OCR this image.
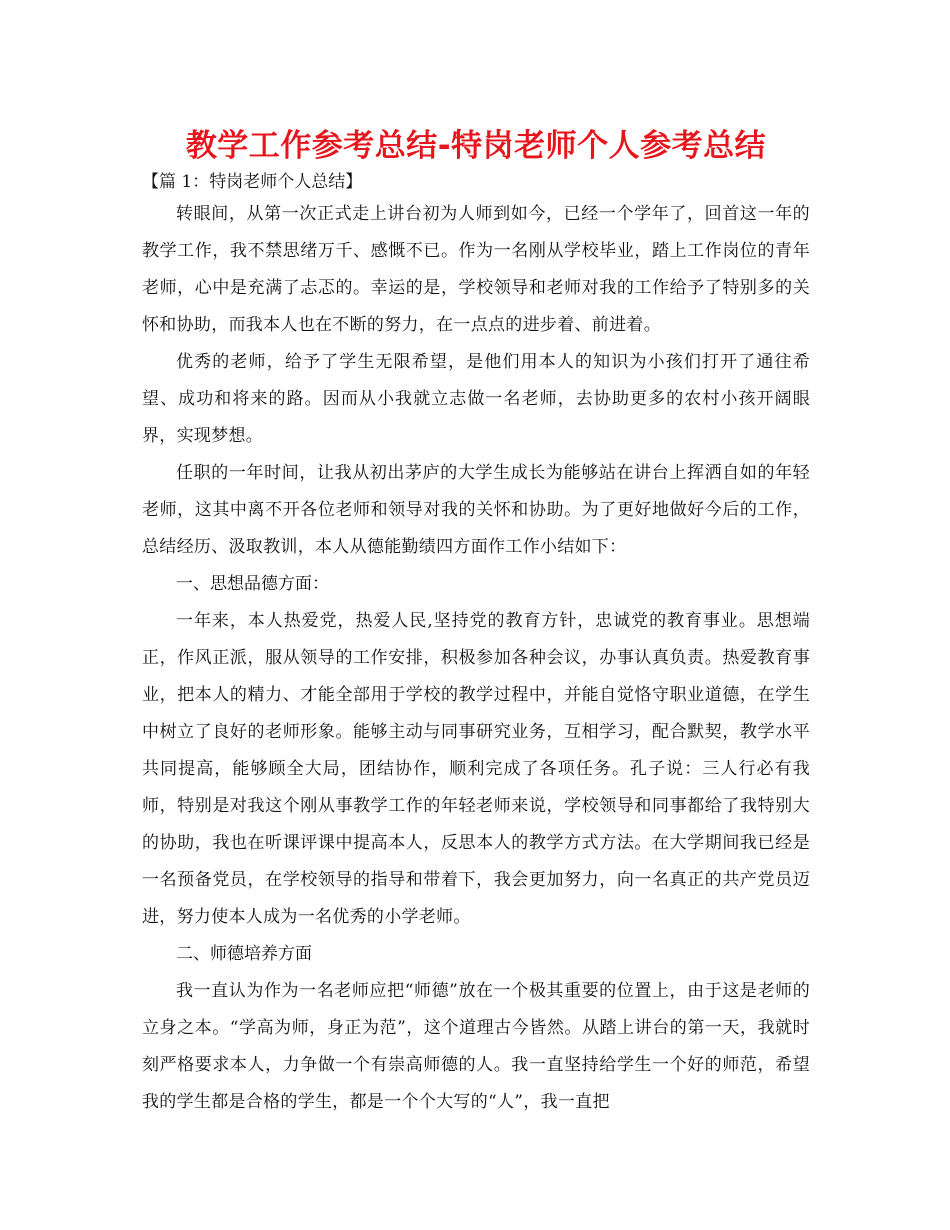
教学工作参考总结-特岗老师个人参考总结

【篇 1：特岗老师个人总结】

转眼间，从第一次正式走上讲台初为人师到如今，已经一个学年了，回首这一年的教学工作，我不禁思绪万千、感慨不已。作为一名刚从学校毕业，踏上工作岗位的青年老师，心中是充满了忐忑的。幸运的是，学校领导和老师对我的工作给予了特别多的关怀和协助，而我本人也在不断的努力，在一点点的进步着、前进着。

优秀的老师，给予了学生无限希望，是他们用本人的知识为小孩们打开了通往希望、成功和将来的路。因而从小我就立志做一名老师，去协助更多的农村小孩开阔眼界，实现梦想。

任职的一年时间，让我从初出茅庐的大学生成长为能够站在讲台上挥洒自如的年轻老师，这其中离不开各位老师和领导对我的关怀和协助。为了更好地做好今后的工作，总结经历、汲取教训，本人从德能勤绩四方面作工作小结如下：

一、思想品德方面：

一年来，本人热爱党，热爱人民,坚持党的教育方针，忠诚党的教育事业。思想端正，作风正派，服从领导的工作安排，积极参加各种会议，办事认真负责。热爱教育事业，把本人的精力、才能全部用于学校的教学过程中，并能自觉恪守职业道德，在学生中树立了良好的老师形象。能够主动与同事研究业务，互相学习，配合默契，教学水平共同提高，能够顾全大局，团结协作，顺利完成了各项任务。孔子说：三人行必有我师，特别是对我这个刚从事教学工作的年轻老师来说，学校领导和同事都给了我特别大的协助，我也在听课评课中提高本人，反思本人的教学方式方法。在大学期间我已经是一名预备党员，在学校领导的指导和带着下，我会更加努力，向一名真正的共产党员迈进，努力使本人成为一名优秀的小学老师。

二、师德培养方面

我一直认为作为一名老师应把“师德”放在一个极其重要的位置上，由于这是老师的立身之本。“学高为师，身正为范”，这个道理古今皆然。从踏上讲台的第一天，我就时刻严格要求本人，力争做一个有崇高师德的人。我一直坚持给学生一个好的师范，希望我的学生都是合格的学生，都是一个个大写的“人”，我一直把
